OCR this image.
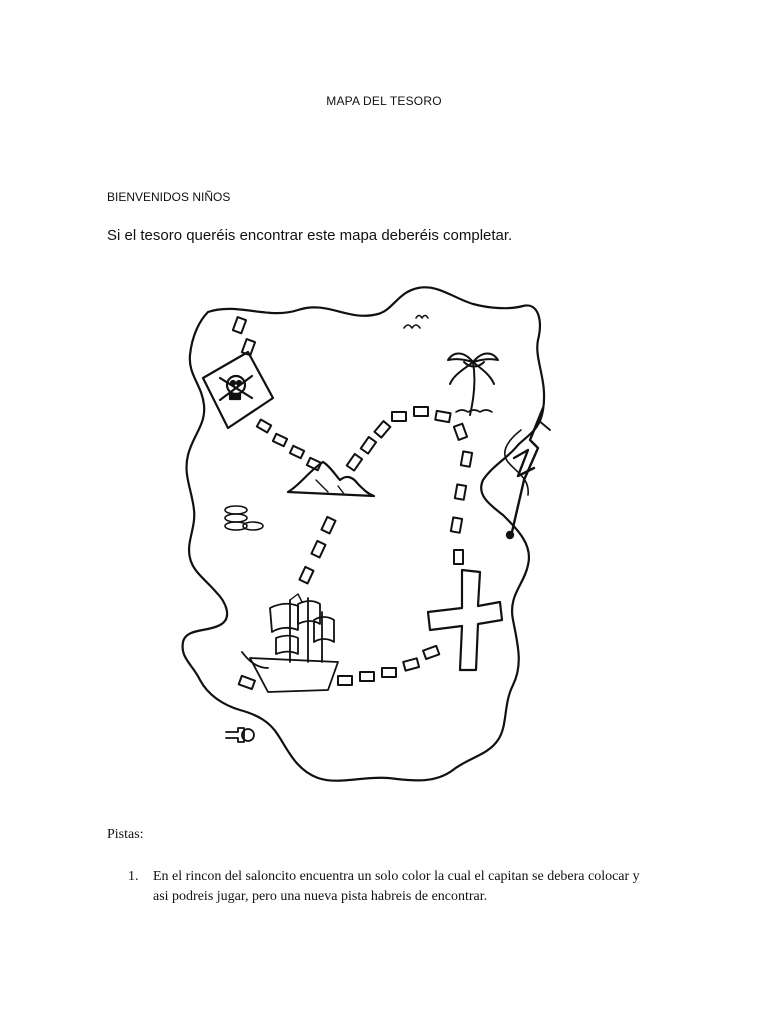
MAPA DEL TESORO
BIENVENIDOS NIÑOS
Si el tesoro queréis encontrar este mapa deberéis completar.
Pistas:
1. En el rincon del saloncito encuentra un solo color la cual el capitan se debera colocar y asi podreis jugar, pero una nueva pista habreis de encontrar.
